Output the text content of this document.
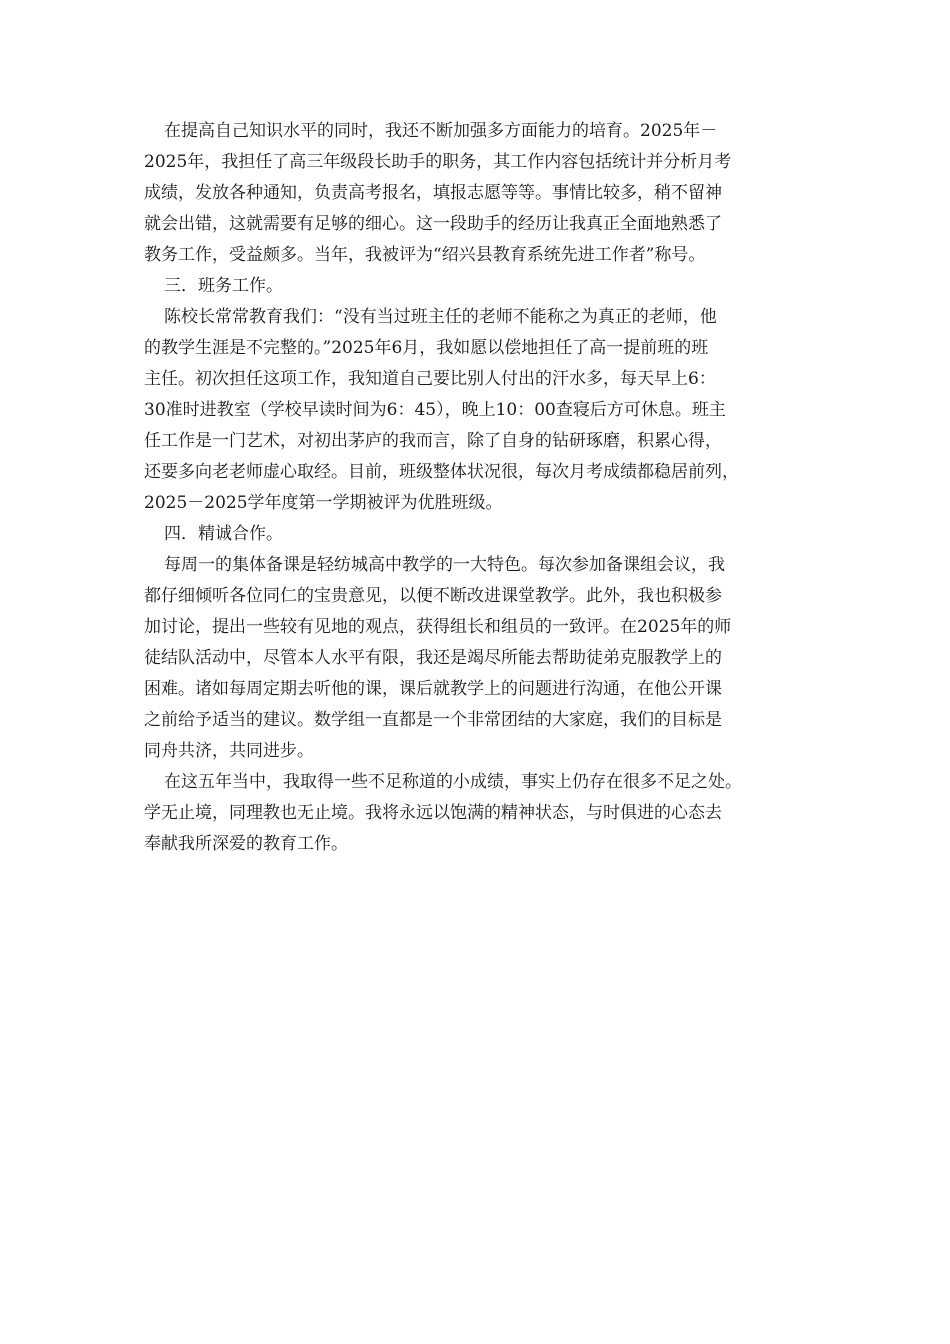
在提高自己知识水平的同时，我还不断加强多方面能力的培育。2025年－
2025年，我担任了高三年级段长助手的职务，其工作内容包括统计并分析月考
成绩，发放各种通知，负责高考报名，填报志愿等等。事情比较多，稍不留神
就会出错，这就需要有足够的细心。这一段助手的经历让我真正全面地熟悉了
教务工作，受益颇多。当年，我被评为“绍兴县教育系统先进工作者”称号。
三．班务工作。
陈校长常常教育我们：“没有当过班主任的老师不能称之为真正的老师，他
的教学生涯是不完整的。”2025年6月，我如愿以偿地担任了高一提前班的班
主任。初次担任这项工作，我知道自己要比别人付出的汗水多，每天早上6：
30准时进教室（学校早读时间为6：45），晚上10：00查寝后方可休息。班主
任工作是一门艺术，对初出茅庐的我而言，除了自身的钻研琢磨，积累心得，
还要多向老老师虚心取经。目前，班级整体状况很，每次月考成绩都稳居前列，
2025－2025学年度第一学期被评为优胜班级。
四．精诚合作。
每周一的集体备课是轻纺城高中教学的一大特色。每次参加备课组会议，我
都仔细倾听各位同仁的宝贵意见，以便不断改进课堂教学。此外，我也积极参
加讨论，提出一些较有见地的观点，获得组长和组员的一致评。在2025年的师
徒结队活动中，尽管本人水平有限，我还是竭尽所能去帮助徒弟克服教学上的
困难。诸如每周定期去听他的课，课后就教学上的问题进行沟通，在他公开课
之前给予适当的建议。数学组一直都是一个非常团结的大家庭，我们的目标是
同舟共济，共同进步。
在这五年当中，我取得一些不足称道的小成绩，事实上仍存在很多不足之处。
学无止境，同理教也无止境。我将永远以饱满的精神状态，与时俱进的心态去
奉献我所深爱的教育工作。
